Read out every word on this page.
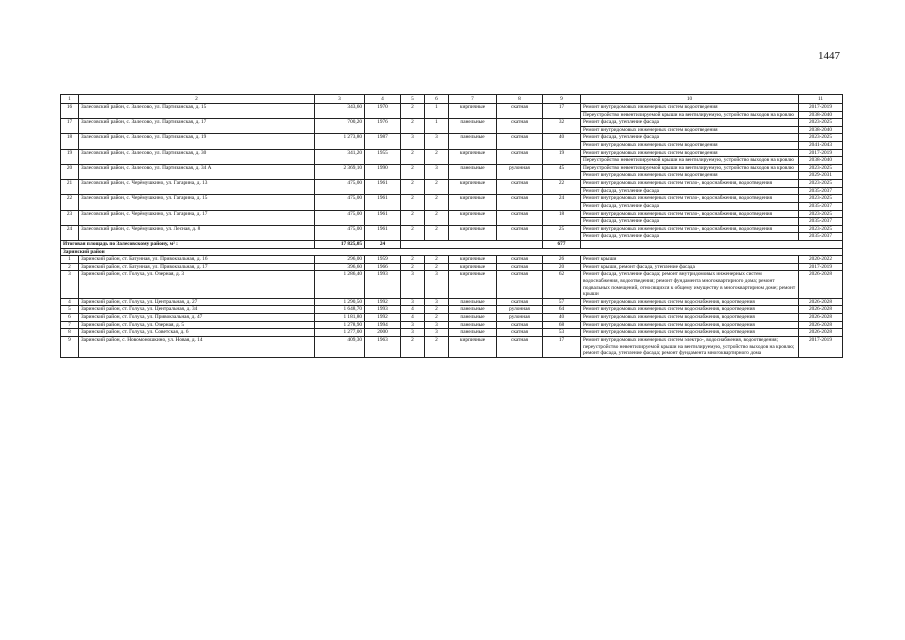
1447
1	2	3	4	5	6	7	8	9	10	11
16	Залесовский район, с. Залесово, ул. Партизанская, д. 15	343,60	1970	2	1	кирпичные	скатная	17	Ремонт внутридомовых инженерных систем водоотведения	2017-2019
									Переустройство невентилируемой крыши на вентилируемую, устройство выходов на кровлю	2038-2040
17	Залесовский район, с. Залесово, ул. Партизанская, д. 17	700,20	1976	2	1	панельные	скатная	32	Ремонт фасада, утепление фасада	2023-2025
									Ремонт внутридомовых инженерных систем водоотведения	2038-2040
18	Залесовский район, с. Залесово, ул. Партизанская, д. 19	1 273,80	1987	3	3	панельные	скатная	40	Ремонт фасада, утепление фасада	2023-2025
									Ремонт внутридомовых инженерных систем водоотведения	2041-2043
19	Залесовский район, с. Залесово, ул. Партизанская, д. 30	341,20	1955	2	2	кирпичные	скатная	19	Ремонт внутридомовых инженерных систем водоотведения	2017-2019
									Переустройство невентилируемой крыши на вентилируемую, устройство выходов на кровлю	2038-2040
20	Залесовский район, с. Залесово, ул. Партизанская, д. 34 А	2 369,10	1990	2	3	панельные	рулонная	45	Переустройство невентилируемой крыши на вентилируемую, устройство выходов на кровлю	2023-2025
									Ремонт внутридомовых инженерных систем водоотведения	2029-2031
21	Залесовский район, с. Черёмушкино, ул. Гагарина, д. 13	475,00	1961	2	2	кирпичные	скатная	22	Ремонт внутридомовых инженерных систем тепло-, водоснабжения, водоотведения	2023-2025
									Ремонт фасада, утепление фасада	2035-2037
22	Залесовский район, с. Черёмушкино, ул. Гагарина, д. 15	475,00	1961	2	2	кирпичные	скатная	24	Ремонт внутридомовых инженерных систем тепло-, водоснабжения, водоотведения	2023-2025
									Ремонт фасада, утепление фасада	2035-2037
23	Залесовский район, с. Черёмушкино, ул. Гагарина, д. 17	475,00	1961	2	2	кирпичные	скатная	18	Ремонт внутридомовых инженерных систем тепло-, водоснабжения, водоотведения	2023-2025
									Ремонт фасада, утепление фасада	2035-2037
24	Залесовский район, с. Черёмушкино, ул. Лесная, д. 8	475,00	1961	2	2	кирпичные	скатная	25	Ремонт внутридомовых инженерных систем тепло-, водоснабжения, водоотведения	2023-2025
									Ремонт фасада, утепление фасада	2035-2037
Итоговая площадь по Залесовскому району, м² :		17 825,05	24					677		
Заринский район										
1	Заринский район, ст. Батунная, ул. Привокзальная, д. 16	296,00	1959	2	2	кирпичные	скатная	26	Ремонт крыши	2020-2022
2	Заринский район, ст. Батунная, ул. Привокзальная, д. 17	396,60	1966	2	2	кирпичные	скатная	20	Ремонт крыши, ремонт фасада, утепление фасада	2017-2019
3	Заринский район, ст. Голуха, ул. Озерная, д. 3	1 286,40	1993	3	3	кирпичные	скатная	62	Ремонт фасада, утепление фасада; ремонт внутридомовых инженерных систем водоснабжения, водоотведения; ремонт фундамента многоквартирного дома; ремонт подвальных помещений, относящихся к общему имуществу в многоквартирном доме; ремонт крыши	2026-2028
4	Заринский район, ст. Голуха, ул. Центральная, д. 27	1 290,50	1992	3	3	панельные	скатная	57	Ремонт внутридомовых инженерных систем водоснабжения, водоотведения	2026-2028
5	Заринский район, ст. Голуха, ул. Центральная, д. 34	1 648,70	1993	4	2	панельные	рулонная	64	Ремонт внутридомовых инженерных систем водоснабжения, водоотведения	2026-2028
6	Заринский район, ст. Голуха, ул. Привокзальная, д. 47	1 181,80	1992	4	2	панельные	рулонная	40	Ремонт внутридомовых инженерных систем водоснабжения, водоотведения	2026-2028
7	Заринский район, ст. Голуха, ул. Озерная, д. 5	1 278,90	1994	3	3	панельные	скатная	68	Ремонт внутридомовых инженерных систем водоснабжения, водоотведения	2026-2028
8	Заринский район, ст. Голуха, ул. Советская, д. 6	1 277,00	2000	3	3	панельные	скатная	53	Ремонт внутридомовых инженерных систем водоснабжения, водоотведения	2026-2028
9	Заринский район, с. Новомоношкино, ул. Новая, д. 14	409,30	1963	2	2	кирпичные	скатная	17	Ремонт внутридомовых инженерных систем электро-, водоснабжения, водоотведения; переустройство невентилируемой крыши на вентилируемую, устройство выходов на кровлю; ремонт фасада, утепление фасада; ремонт фундамента многоквартирного дома	2017-2019
